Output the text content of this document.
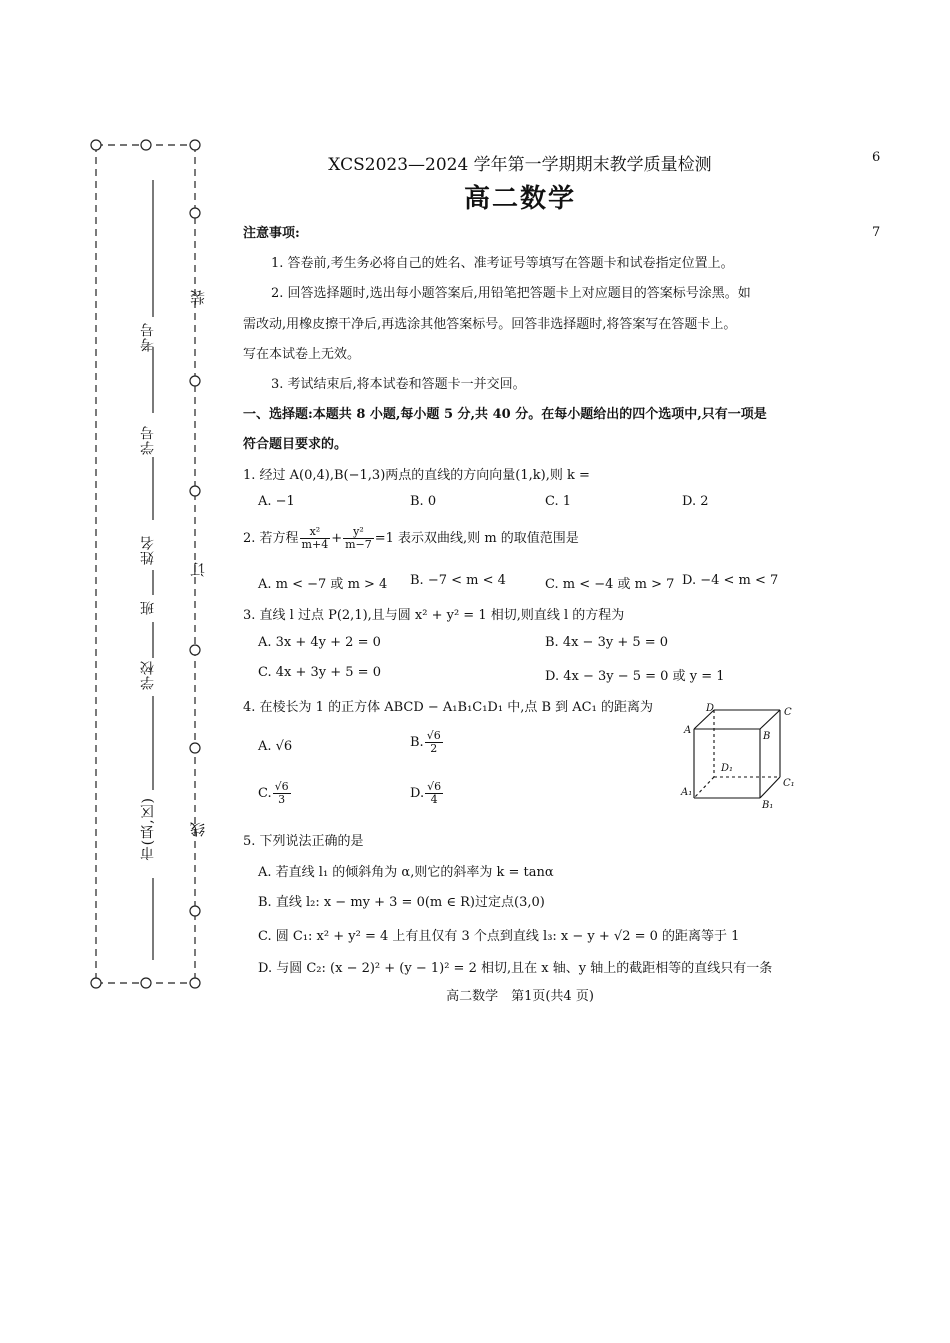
考号
学号
姓名
班
学校
市(县,区)
装
订
线
6
7
XCS2023—2024 学年第一学期期末教学质量检测
高二数学
注意事项:
1. 答卷前,考生务必将自己的姓名、准考证号等填写在答题卡和试卷指定位置上。
2. 回答选择题时,选出每小题答案后,用铅笔把答题卡上对应题目的答案标号涂黑。如
需改动,用橡皮擦干净后,再选涂其他答案标号。回答非选择题时,将答案写在答题卡上。
写在本试卷上无效。
3. 考试结束后,将本试卷和答题卡一并交回。
一、选择题:本题共 8 小题,每小题 5 分,共 40 分。在每小题给出的四个选项中,只有一项是
符合题目要求的。
1. 经过 A(0,4),B(−1,3)两点的直线的方向向量(1,k),则 k =
A. −1	B. 0	C. 1	D. 2
2. 若方程 $\frac{\text{x²}}{m+4} + \frac{\text{y²}}{m-7} =1$ 表示双曲线,则 m 的取值范围是
A. m < −7 或 m > 4 B. −7 < m < 4	C. m < −4 或 m > 7 D. −4 < m < 7
3. 直线 l 过点 P(2,1),且与圆 x² + y² = 1 相切,则直线 l 的方程为
A. 3x + 4y + 2 = 0	B. 4x − 3y + 5 = 0
C. 4x + 3y + 5 = 0	D. 4x − 3y − 5 = 0 或 y = 1
4. 在棱长为 1 的正方体 ABCD − A₁B₁C₁D₁ 中,点 B 到 AC₁ 的距离为
A. √6	B. $\frac{√6}{2}$
C. $\frac{√6}{3}$	D. $\frac{√6}{4}$
D	C
A
B
D₁
C₁
A₁
B₁
5. 下列说法正确的是
A. 若直线 l₁ 的倾斜角为 α,则它的斜率为 k = tanα
B. 直线 l₂: x − my + 3 = 0(m ∈ R)过定点(3,0)
C. 圆 C₁: x² + y² = 4 上有且仅有 3 个点到直线 l₃: x − y + √2 = 0 的距离等于 1
D. 与圆 C₂: (x − 2)² + (y − 1)² = 2 相切,且在 x 轴、y 轴上的截距相等的直线只有一条
高二数学　第1页(共4 页)
